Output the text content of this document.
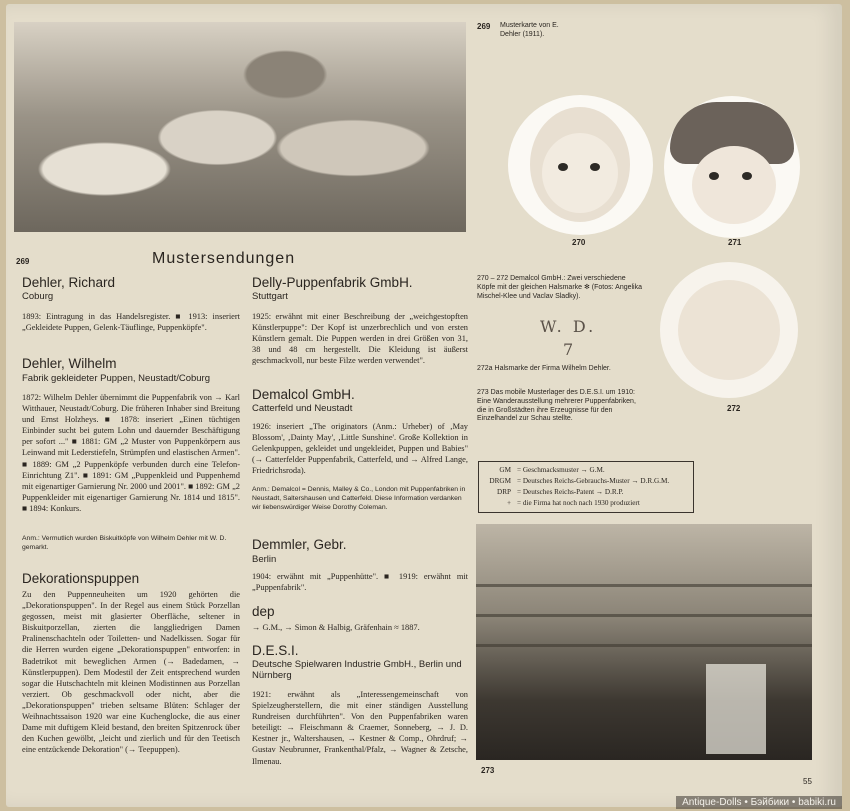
269	Mustersendungen

Dehler, Richard

Coburg

1893: Eintragung in das Handelsregister. ■ 1913: inseriert „Gekleidete Puppen, Gelenk-Täuflinge, Puppenköpfe".

Dehler, Wilhelm

Fabrik gekleideter Puppen, Neustadt/Coburg

1872: Wilhelm Dehler übernimmt die Puppenfabrik von → Karl Witthauer, Neustadt/Coburg. Die früheren Inhaber sind Breitung und Ernst Holzheys. ■ 1878: inseriert „Einen tüchtigen Einbinder sucht bei gutem Lohn und dauernder Beschäftigung per sofort ..." ■ 1881: GM „2 Muster von Puppenkörpern aus Leinwand mit Lederstiefeln, Strümpfen und elastischen Armen". ■ 1889: GM „2 Puppenköpfe verbunden durch eine Telefon-Einrichtung Z1". ■ 1891: GM „Puppenkleid und Puppenhemd mit eigenartiger Garnierung Nr. 2000 und 2001". ■ 1892: GM „2 Puppenkleider mit eigenartiger Garnierung Nr. 1814 und 1815". ■ 1894: Konkurs.

Anm.: Vermutlich wurden Biskuitköpfe von Wilhelm Dehler mit W. D. gemarkt.

Dekorationspuppen

Zu den Puppenneuheiten um 1920 gehörten die „Dekorationspuppen". In der Regel aus einem Stück Porzellan gegossen, meist mit glasierter Oberfläche, seltener in Biskuitporzellan, zierten die langgliedrigen Damen Pralinenschachteln oder Toiletten- und Nadelkissen. Sogar für die Herren wurden eigene „Dekorationspuppen" entworfen: in Badetrikot mit beweglichen Armen (→ Badedamen, → Künstlerpuppen). Dem Modestil der Zeit entsprechend wurden sogar die Hutschachteln mit kleinen Modistinnen aus Porzellan verziert. Ob geschmackvoll oder nicht, aber die „Dekorationspuppen" trieben seltsame Blüten: Schlager der Weihnachtssaison 1920 war eine Kuchenglocke, die aus einer Dame mit duftigem Kleid bestand, den breiten Spitzenrock über den Kuchen gewölbt, „leicht und zierlich und für den Teetisch eine entzückende Dekoration" (→ Teepuppen).

Delly-Puppenfabrik GmbH.

Stuttgart

1925: erwähnt mit einer Beschreibung der „weichgestopften Künstlerpuppe": Der Kopf ist unzerbrechlich und von ersten Künstlern gemalt. Die Puppen werden in drei Größen von 31, 38 und 48 cm hergestellt. Die Kleidung ist äußerst geschmackvoll, nur beste Filze werden verwendet".

Demalcol GmbH.

Catterfeld und Neustadt

1926: inseriert „The originators (Anm.: Urheber) of ‚May Blossom', ‚Dainty May', ‚Little Sunshine'. Große Kollektion in Gelenkpuppen, gekleidet und ungekleidet, Puppen und Babies" (→ Catterfelder Puppenfabrik, Catterfeld, und → Alfred Lange, Friedrichsroda).

Anm.: Demalcol = Dennis, Malley & Co., London mit Puppenfabriken in Neustadt, Saltershausen und Catterfeld. Diese Information verdanken wir liebenswürdiger Weise Dorothy Coleman.

Demmler, Gebr.

Berlin

1904: erwähnt mit „Puppenhütte". ■ 1919: erwähnt mit „Puppenfabrik".

dep

→ G.M., → Simon & Halbig, Gräfenhain ≈ 1887.

D.E.S.I.

Deutsche Spielwaren Industrie GmbH., Berlin und Nürnberg

1921: erwähnt als „Interessengemeinschaft von Spielzeugherstellern, die mit einer ständigen Ausstellung Rundreisen durchführten". Von den Puppenfabriken waren beteiligt: → Fleischmann & Craemer, Sonneberg, → J. D. Kestner jr., Waltershausen, → Kestner & Comp., Ohrdruf; → Gustav Neubrunner, Frankenthal/Pfalz, → Wagner & Zetsche, Ilmenau.

269 Musterkarte von E. Dehler (1911).

270	271

270 – 272 Demalcol GmbH.: Zwei verschiedene Köpfe mit der gleichen Halsmarke ✻ (Fotos: Angelika Mischel-Klee und Vaclav Sladky).

W. D.

7

272a Halsmarke der Firma Wilhelm Dehler.

273 Das mobile Musterlager des D.E.S.I. um 1910: Eine Wanderausstellung mehrerer Puppenfabriken, die in Großstädten ihre Erzeugnisse für den Einzelhandel zur Schau stellte.

272

GM = Geschmacksmuster → G.M.
DRGM = Deutsches Reichs-Gebrauchs-Muster → D.R.G.M.
DRP = Deutsches Reichs-Patent → D.R.P.
+ = die Firma hat noch nach 1930 produziert

273

55

Antique-Dolls • Бэйбики • babiki.ru
